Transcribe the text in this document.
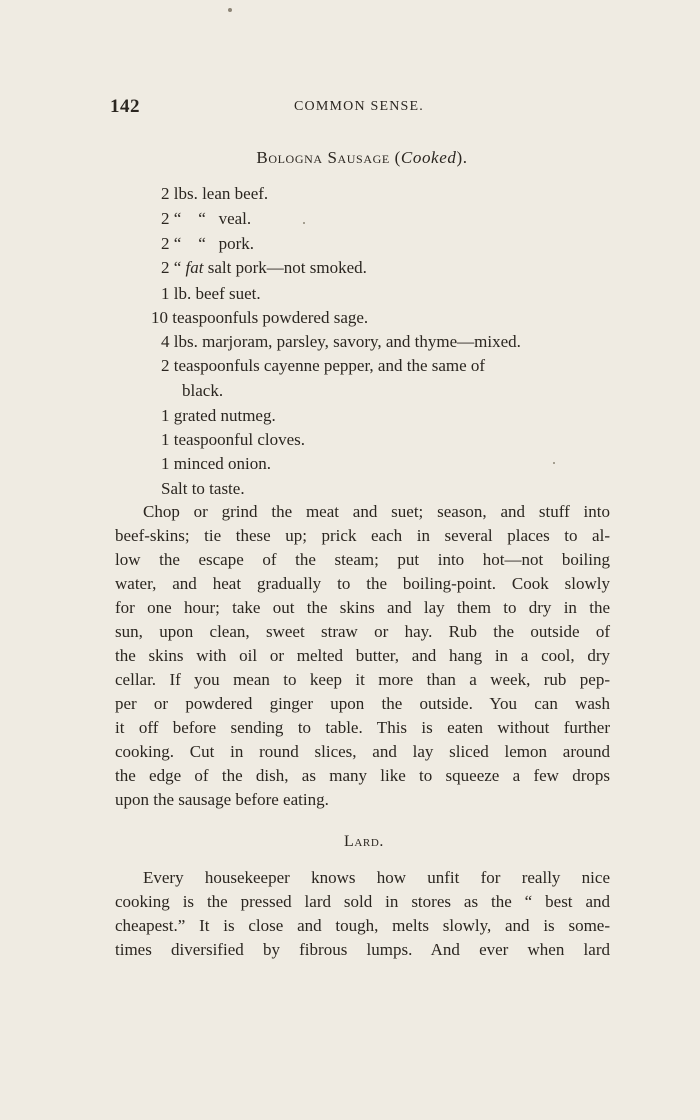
142	COMMON SENSE.
Bologna Sausage (Cooked).
2 lbs. lean beef.
2 “    “   veal.
2 “    “   pork.
2 “ fat salt pork—not smoked.
1 lb. beef suet.
10 teaspoonfuls powdered sage.
4 lbs. marjoram, parsley, savory, and thyme—mixed.
2 teaspoonfuls cayenne pepper, and the same of
black.
1 grated nutmeg.
1 teaspoonful cloves.
1 minced onion.
Salt to taste.
Chop or grind the meat and suet; season, and stuff into
beef-skins; tie these up; prick each in several places to al-
low the escape of the steam; put into hot—not boiling
water, and heat gradually to the boiling-point. Cook slowly
for one hour; take out the skins and lay them to dry in the
sun, upon clean, sweet straw or hay. Rub the outside of
the skins with oil or melted butter, and hang in a cool, dry
cellar. If you mean to keep it more than a week, rub pep-
per or powdered ginger upon the outside. You can wash
it off before sending to table. This is eaten without further
cooking. Cut in round slices, and lay sliced lemon around
the edge of the dish, as many like to squeeze a few drops
upon the sausage before eating.
Lard.
Every housekeeper knows how unfit for really nice
cooking is the pressed lard sold in stores as the “ best and
cheapest.” It is close and tough, melts slowly, and is some-
times diversified by fibrous lumps. And ever when lard
